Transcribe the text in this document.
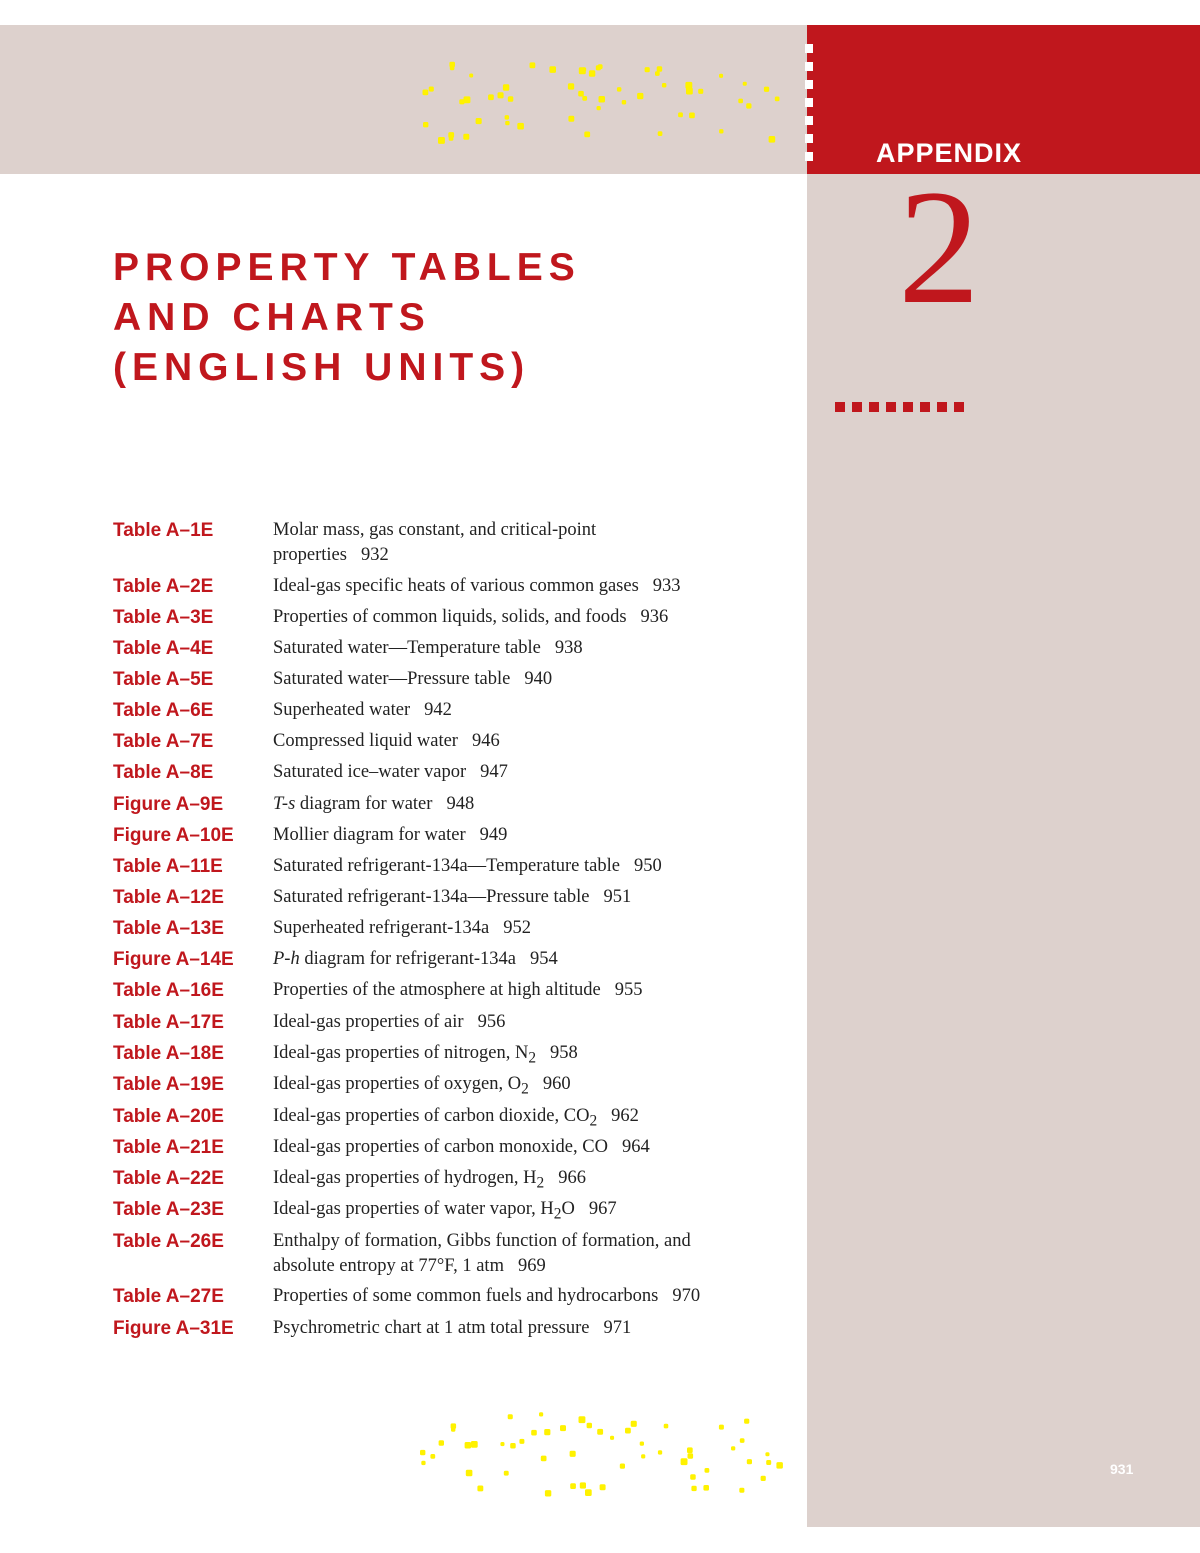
APPENDIX
2
PROPERTY TABLES
AND CHARTS
(ENGLISH UNITS)
Table A–1E	Molar mass, gas constant, and critical-point
properties 932
Table A–2E	Ideal-gas specific heats of various common gases 933
Table A–3E	Properties of common liquids, solids, and foods 936
Table A–4E	Saturated water—Temperature table 938
Table A–5E	Saturated water—Pressure table 940
Table A–6E	Superheated water 942
Table A–7E	Compressed liquid water 946
Table A–8E	Saturated ice–water vapor 947
Figure A–9E	T-s diagram for water 948
Figure A–10E	Mollier diagram for water 949
Table A–11E	Saturated refrigerant-134a—Temperature table 950
Table A–12E	Saturated refrigerant-134a—Pressure table 951
Table A–13E	Superheated refrigerant-134a 952
Figure A–14E	P-h diagram for refrigerant-134a 954
Table A–16E	Properties of the atmosphere at high altitude 955
Table A–17E	Ideal-gas properties of air 956
Table A–18E	Ideal-gas properties of nitrogen, $N_2$ 958
Table A–19E	Ideal-gas properties of oxygen, $O_2$ 960
Table A–20E	Ideal-gas properties of carbon dioxide, $CO_2$ 962
Table A–21E	Ideal-gas properties of carbon monoxide, CO 964
Table A–22E	Ideal-gas properties of hydrogen, $H_2$ 966
Table A–23E	Ideal-gas properties of water vapor, $H_2O$ 967
Table A–26E	Enthalpy of formation, Gibbs function of formation, and
absolute entropy at 77°F, 1 atm 969
Table A–27E	Properties of some common fuels and hydrocarbons 970
Figure A–31E	Psychrometric chart at 1 atm total pressure 971
931
